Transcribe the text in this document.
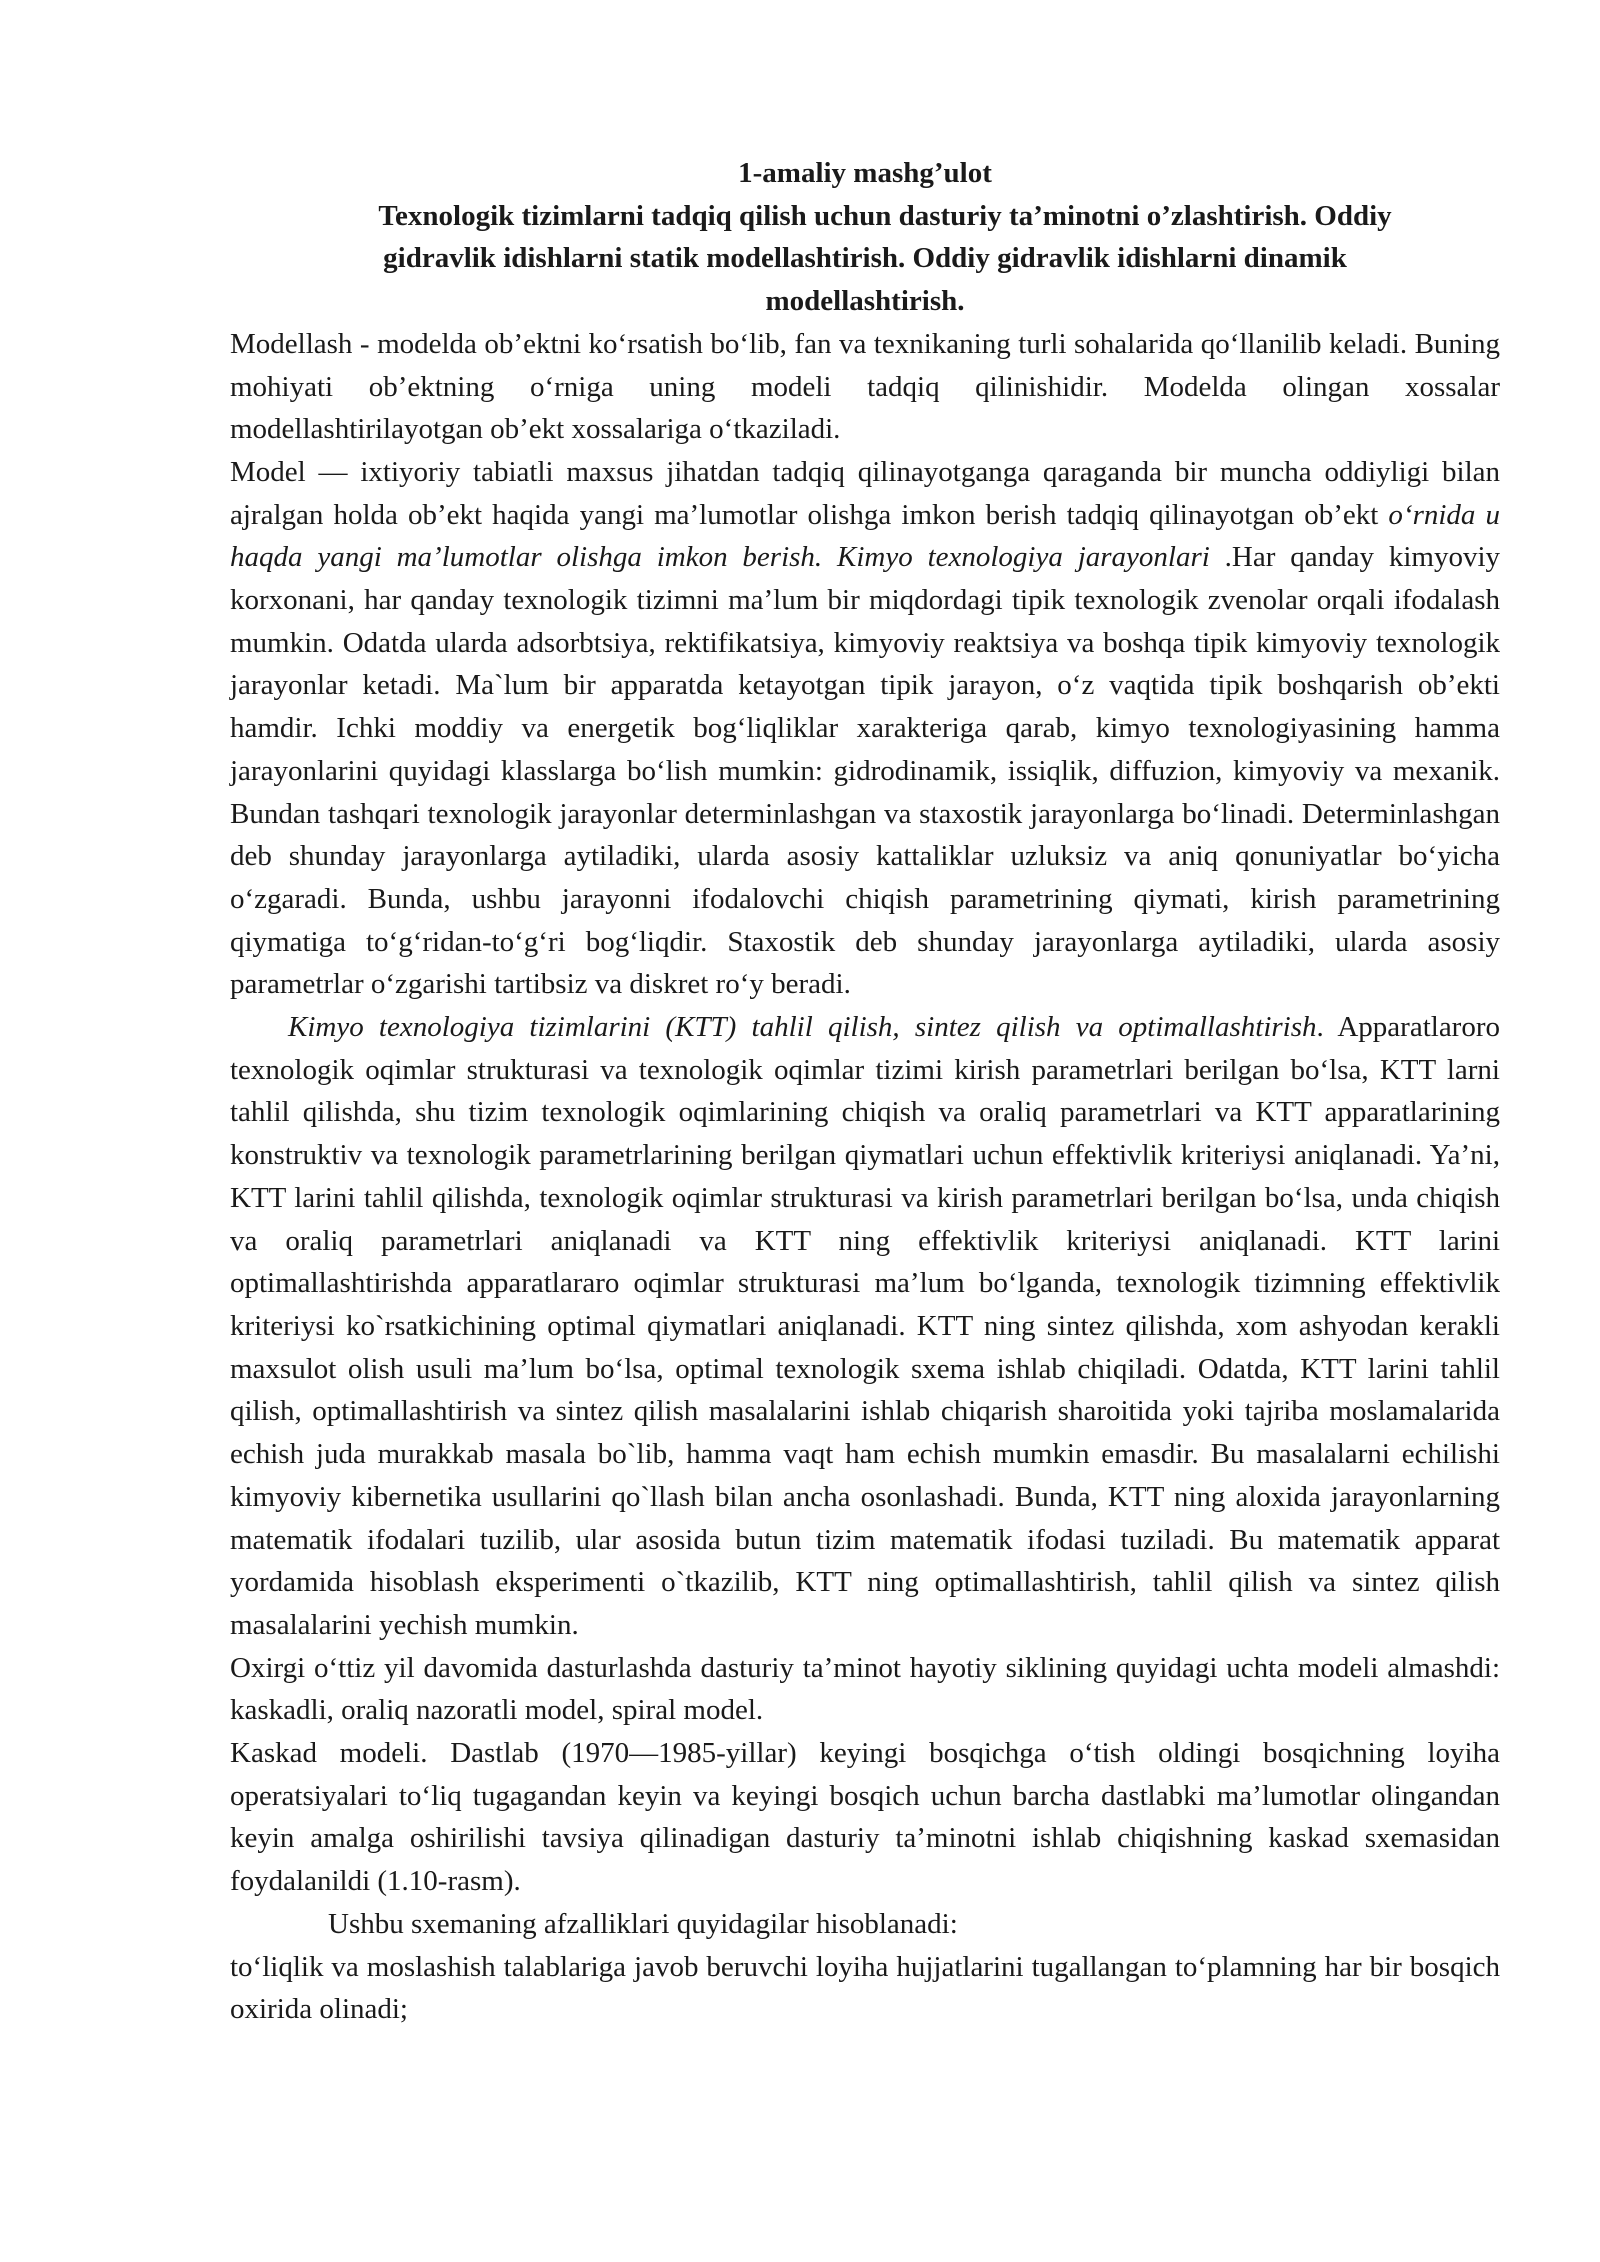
1-amaliy mashg’ulot
Texnologik tizimlarni tadqiq qilish uchun dasturiy ta’minotni o’zlashtirish. Oddiy
gidravlik idishlarni statik modellashtirish. Oddiy gidravlik idishlarni dinamik
modellashtirish.

Modellash - modelda ob’ektni ko‘rsatish bo‘lib, fan va texnikaning turli sohalarida qo‘llanilib keladi. Buning mohiyati ob’ektning o‘rniga uning modeli tadqiq qilinishidir. Modelda olingan xossalar modellashtirilayotgan ob’ekt xossalariga o‘tkaziladi.

Model — ixtiyoriy tabiatli maxsus jihatdan tadqiq qilinayotganga qaraganda bir muncha oddiyligi bilan ajralgan holda ob’ekt haqida yangi ma’lumotlar olishga imkon berish tadqiq qilinayotgan ob’ekt o‘rnida u haqda yangi ma’lumotlar olishga imkon berish. Kimyo texnologiya jarayonlari .Har qanday kimyoviy korxonani, har qanday texnologik tizimni ma’lum bir miqdordagi tipik texnologik zvenolar orqali ifodalash mumkin. Odatda ularda adsorbtsiya, rektifikatsiya, kimyoviy reaktsiya va boshqa tipik kimyoviy texnologik jarayonlar ketadi. Ma`lum bir apparatda ketayotgan tipik jarayon, oʻz vaqtida tipik boshqarish ob’ekti hamdir. Ichki moddiy va energetik bogʻliqliklar xarakteriga qarab, kimyo texnologiyasining hamma jarayonlarini quyidagi klasslarga boʻlish mumkin: gidrodinamik, issiqlik, diffuzion, kimyoviy va mexanik. Bundan tashqari texnologik jarayonlar determinlashgan va staxostik jarayonlarga boʻlinadi. Determinlashgan deb shunday jarayonlarga aytiladiki, ularda asosiy kattaliklar uzluksiz va aniq qonuniyatlar boʻyicha oʻzgaradi. Bunda, ushbu jarayonni ifodalovchi chiqish parametrining qiymati, kirish parametrining qiymatiga toʻgʻridan-toʻgʻri bogʻliqdir. Staxostik deb shunday jarayonlarga aytiladiki, ularda asosiy parametrlar oʻzgarishi tartibsiz va diskret roʻy beradi.

Kimyo texnologiya tizimlarini (KTT) tahlil qilish, sintez qilish va optimallashtirish. Apparatlaroro texnologik oqimlar strukturasi va texnologik oqimlar tizimi kirish parametrlari berilgan boʻlsa, KTT larni tahlil qilishda, shu tizim texnologik oqimlarining chiqish va oraliq parametrlari va KTT apparatlarining konstruktiv va texnologik parametrlarining berilgan qiymatlari uchun effektivlik kriteriysi aniqlanadi. Ya’ni, KTT larini tahlil qilishda, texnologik oqimlar strukturasi va kirish parametrlari berilgan boʻlsa, unda chiqish va oraliq parametrlari aniqlanadi va KTT ning effektivlik kriteriysi aniqlanadi. KTT larini optimallashtirishda apparatlararo oqimlar strukturasi ma’lum boʻlganda, texnologik tizimning effektivlik kriteriysi ko`rsatkichining optimal qiymatlari aniqlanadi. KTT ning sintez qilishda, xom ashyodan kerakli maxsulot olish usuli ma’lum boʻlsa, optimal texnologik sxema ishlab chiqiladi. Odatda, KTT larini tahlil qilish, optimallashtirish va sintez qilish masalalarini ishlab chiqarish sharoitida yoki tajriba moslamalarida echish juda murakkab masala bo`lib, hamma vaqt ham echish mumkin emasdir. Bu masalalarni echilishi kimyoviy kibernetika usullarini qo`llash bilan ancha osonlashadi. Bunda, KTT ning aloxida jarayonlarning matematik ifodalari tuzilib, ular asosida butun tizim matematik ifodasi tuziladi. Bu matematik apparat yordamida hisoblash eksperimenti o`tkazilib, KTT ning optimallashtirish, tahlil qilish va sintez qilish masalalarini yechish mumkin.

Oxirgi o‘ttiz yil davomida dasturlashda dasturiy ta’minot hayotiy siklining quyidagi uchta modeli almashdi: kaskadli, oraliq nazoratli model, spiral model.

Kaskad modeli. Dastlab (1970—1985-yillar) keyingi bosqichga o‘tish oldingi bosqichning loyiha operatsiyalari to‘liq tugagandan keyin va keyingi bosqich uchun barcha dastlabki ma’lumotlar olingandan keyin amalga oshirilishi tavsiya qilinadigan dasturiy ta’minotni ishlab chiqishning kaskad sxemasidan foydalanildi (1.10-rasm).

Ushbu sxemaning afzalliklari quyidagilar hisoblanadi:

to‘liqlik va moslashish talablariga javob beruvchi loyiha hujjatlarini tugallangan to‘plamning har bir bosqich oxirida olinadi;
